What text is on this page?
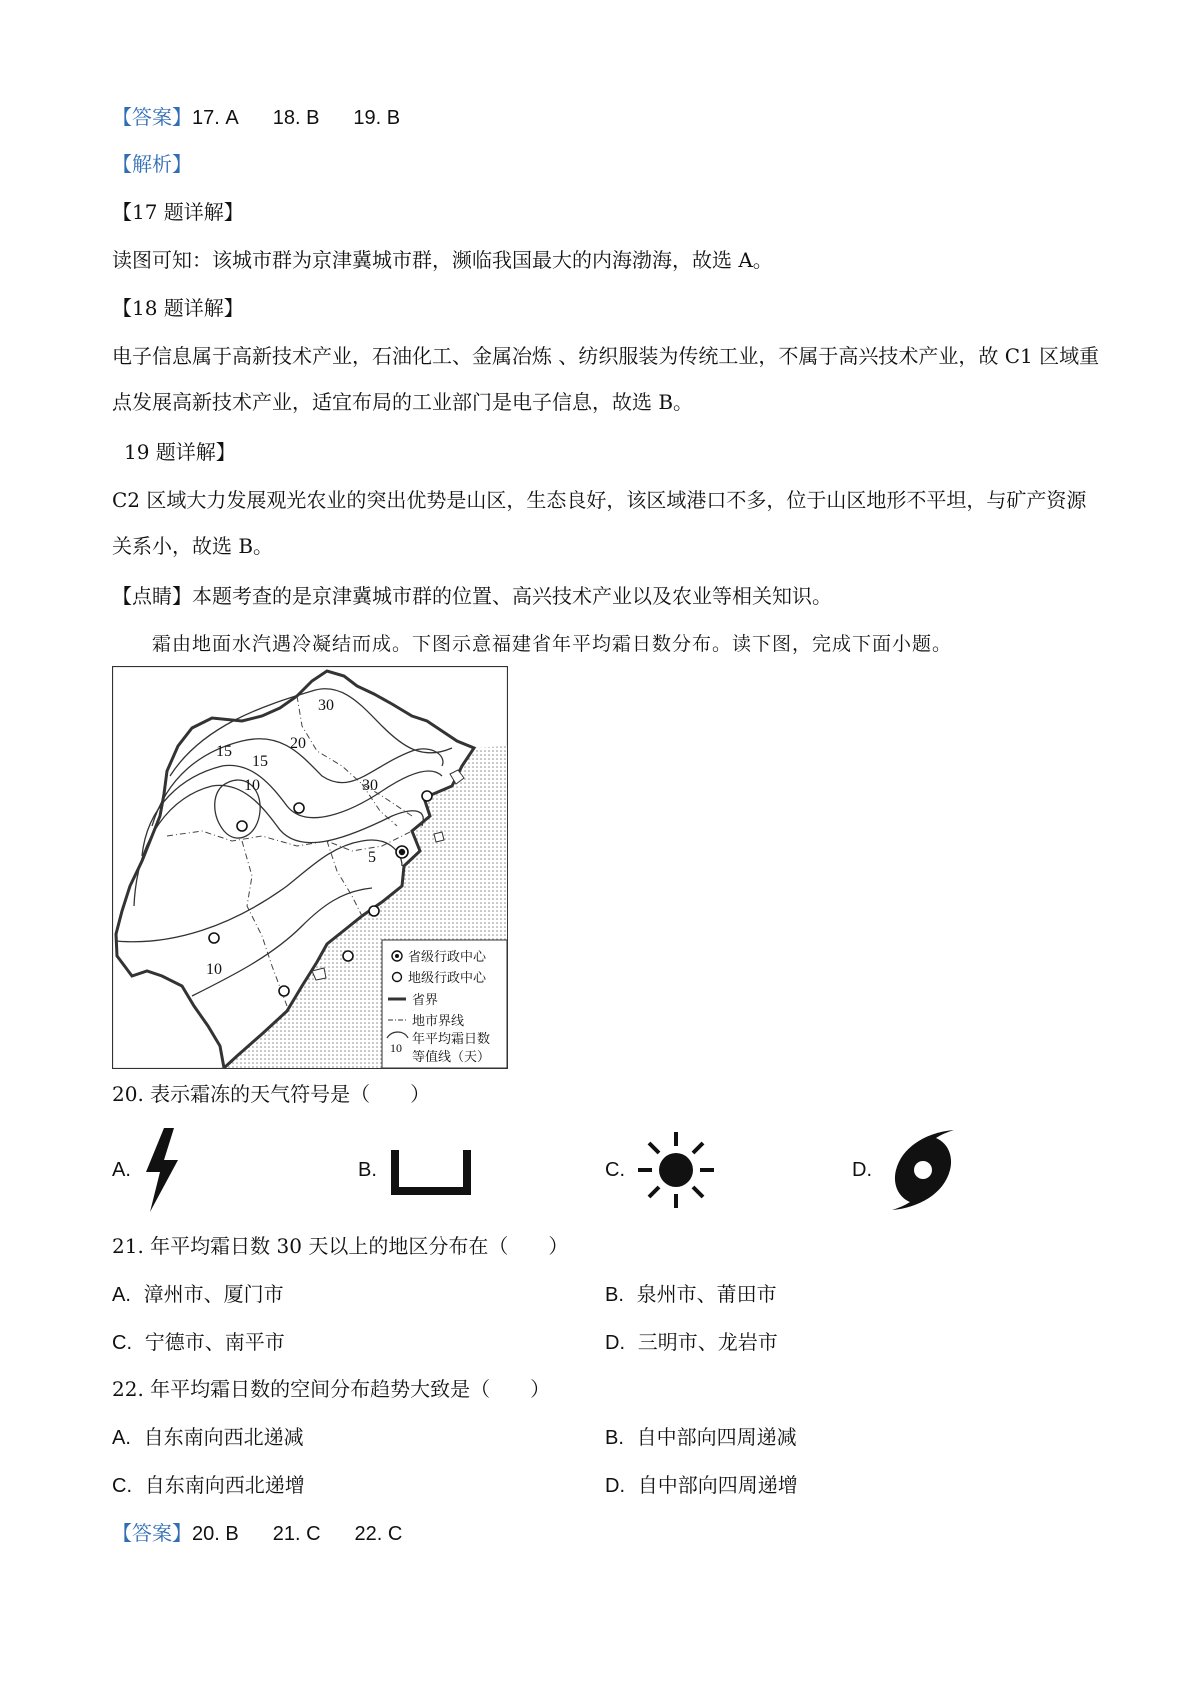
【答案】17. A 18. B 19. B
【解析】
【17 题详解】
读图可知：该城市群为京津冀城市群，濒临我国最大的内海渤海，故选 A。
【18 题详解】
电子信息属于高新技术产业，石油化工、金属冶炼 、纺织服装为传统工业，不属于高兴技术产业，故 C1 区域重点发展高新技术产业，适宜布局的工业部门是电子信息，故选 B。
19 题详解】
C2 区域大力发展观光农业的突出优势是山区，生态良好，该区域港口不多，位于山区地形不平坦，与矿产资源关系小，故选 B。
【点睛】本题考查的是京津冀城市群的位置、高兴技术产业以及农业等相关知识。
霜由地面水汽遇冷凝结而成。下图示意福建省年平均霜日数分布。读下图，完成下面小题。
30
20
15
15
10	30
5
10
省级行政中心
地级行政中心
省界
地市界线
10
年平均霜日数
等值线（天）
20. 表示霜冻的天气符号是（　　）
A.	B.	C.	D.
21. 年平均霜日数 30 天以上的地区分布在（　　）
A. 漳州市、厦门市	B. 泉州市、莆田市
C. 宁德市、南平市	D. 三明市、龙岩市
22. 年平均霜日数的空间分布趋势大致是（　　）
A. 自东南向西北递减	B. 自中部向四周递减
C. 自东南向西北递增	D. 自中部向四周递增
【答案】20. B 21. C 22. C
